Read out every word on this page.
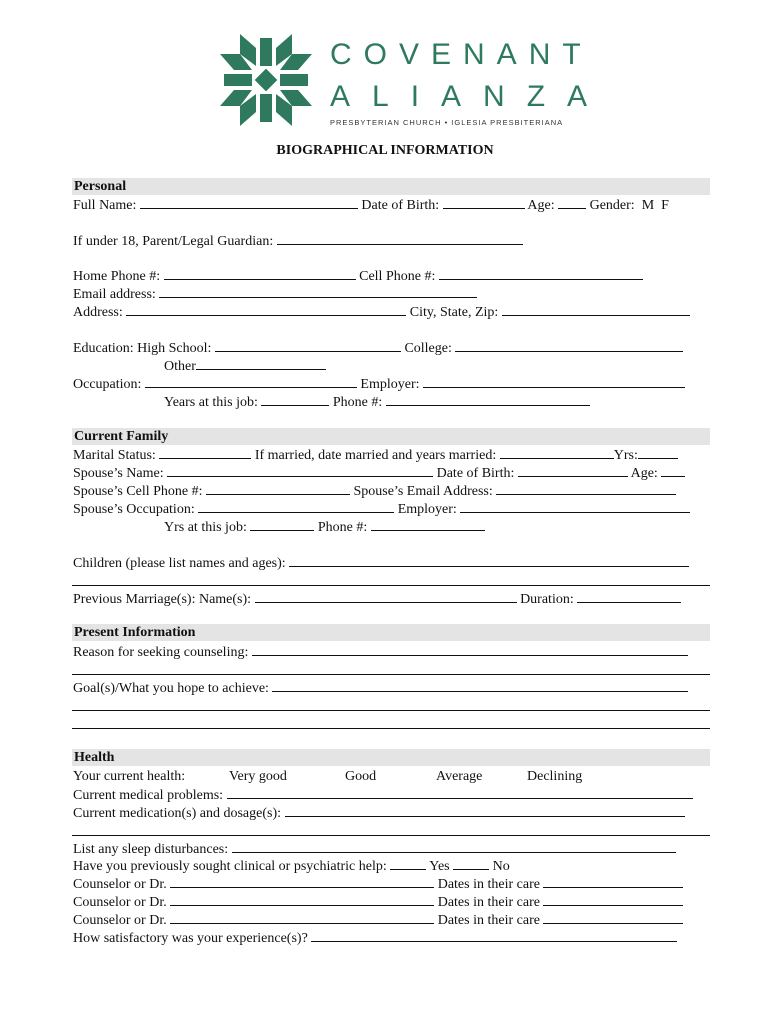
COVENANT
ALIANZA
PRESBYTERIAN CHURCH • IGLESIA PRESBITERIANA
BIOGRAPHICAL INFORMATION
Personal
Full Name:	Date of Birth:	Age:	Gender:  M  F
If under 18, Parent/Legal Guardian:
Home Phone #:	Cell Phone #:
Email address:
Address:	City, State, Zip:
Education: High School:	College:
Other
Occupation:	Employer:
Years at this job:	Phone #:
Current Family
Marital Status:	If married, date married and years married:	Yrs:
Spouse’s Name:	Date of Birth:	Age:
Spouse’s Cell Phone #:	Spouse’s Email Address:
Spouse’s Occupation:	Employer:
Yrs at this job:	Phone #:
Children (please list names and ages):
Previous Marriage(s): Name(s):	Duration:
Present Information
Reason for seeking counseling:
Goal(s)/What you hope to achieve:
Health
Your current health:	Very good	Good	Average	Declining
Current medical problems:
Current medication(s) and dosage(s):
List any sleep disturbances:
Have you previously sought clinical or psychiatric help:	Yes	No
Counselor or Dr.	Dates in their care
Counselor or Dr.	Dates in their care
Counselor or Dr.	Dates in their care
How satisfactory was your experience(s)?
